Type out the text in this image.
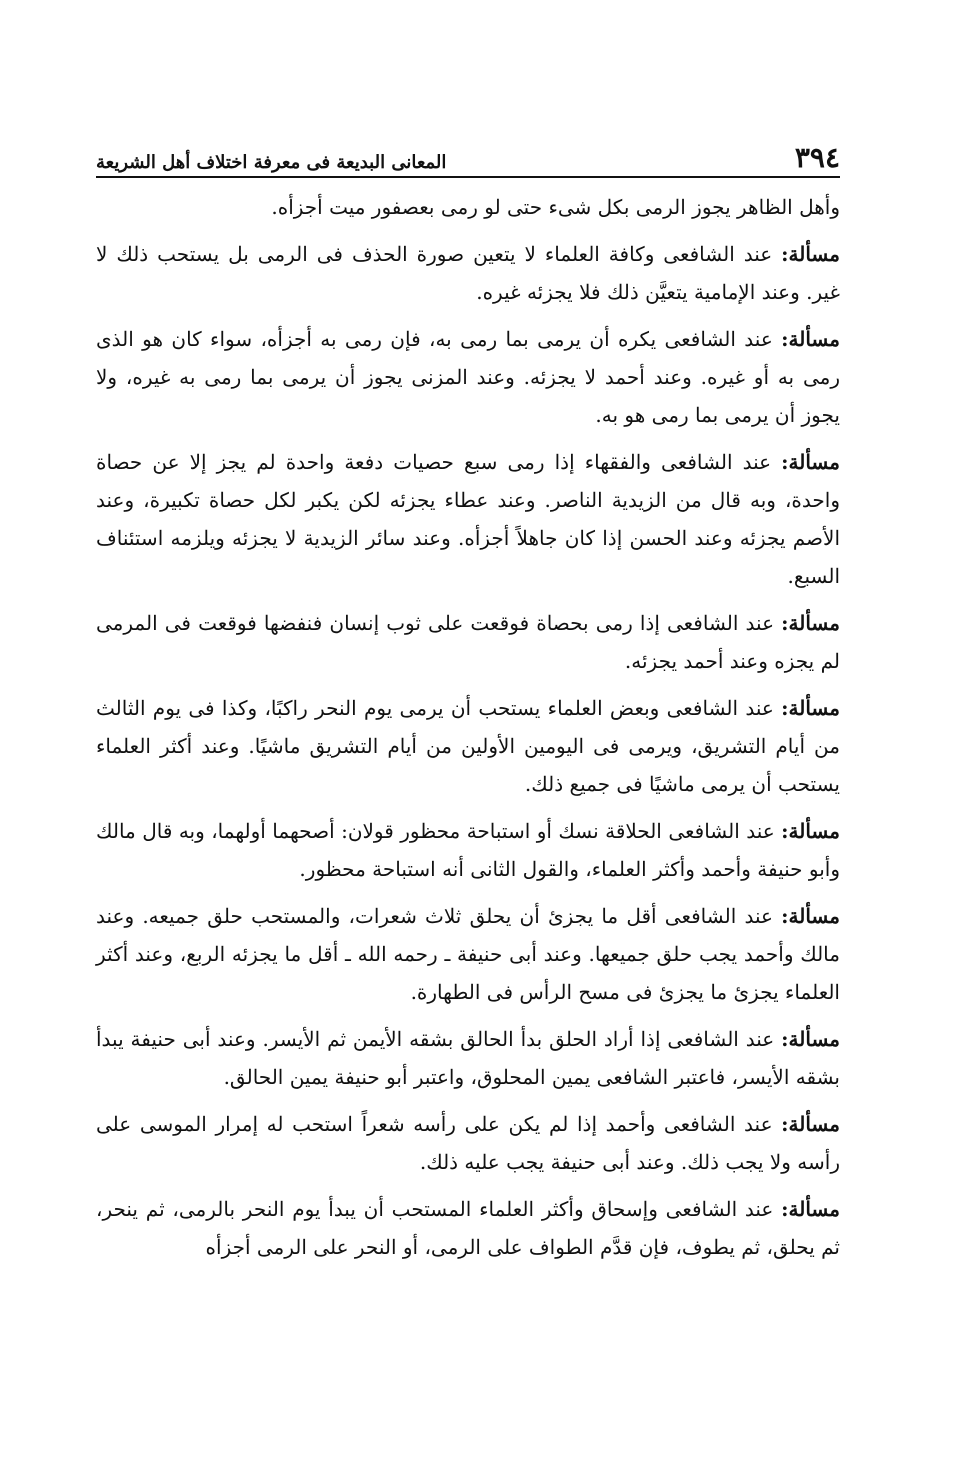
٣٩٤
المعانى البديعة فى معرفة اختلاف أهل الشريعة

وأهل الظاهر يجوز الرمى بكل شىء حتى لو رمى بعصفور ميت أجزأه.

مسألة: عند الشافعى وكافة العلماء لا يتعين صورة الحذف فى الرمى بل يستحب ذلك لا غير. وعند الإمامية يتعيَّن ذلك فلا يجزئه غيره.

مسألة: عند الشافعى يكره أن يرمى بما رمى به، فإن رمى به أجزأه، سواء كان هو الذى رمى به أو غيره. وعند أحمد لا يجزئه. وعند المزنى يجوز أن يرمى بما رمى به غيره، ولا يجوز أن يرمى بما رمى هو به.

مسألة: عند الشافعى والفقهاء إذا رمى سبع حصيات دفعة واحدة لم يجز إلا عن حصاة واحدة، وبه قال من الزيدية الناصر. وعند عطاء يجزئه لكن يكبر لكل حصاة تكبيرة، وعند الأصم يجزئه وعند الحسن إذا كان جاهلاً أجزأه. وعند سائر الزيدية لا يجزئه ويلزمه استئناف السبع.

مسألة: عند الشافعى إذا رمى بحصاة فوقعت على ثوب إنسان فنفضها فوقعت فى المرمى لم يجزه وعند أحمد يجزئه.

مسألة: عند الشافعى وبعض العلماء يستحب أن يرمى يوم النحر راكبًا، وكذا فى يوم الثالث من أيام التشريق، ويرمى فى اليومين الأولين من أيام التشريق ماشيًا. وعند أكثر العلماء يستحب أن يرمى ماشيًا فى جميع ذلك.

مسألة: عند الشافعى الحلاقة نسك أو استباحة محظور قولان: أصحهما أولهما، وبه قال مالك وأبو حنيفة وأحمد وأكثر العلماء، والقول الثانى أنه استباحة محظور.

مسألة: عند الشافعى أقل ما يجزئ أن يحلق ثلاث شعرات، والمستحب حلق جميعه. وعند مالك وأحمد يجب حلق جميعها. وعند أبى حنيفة ـ رحمه الله ـ أقل ما يجزئه الربع، وعند أكثر العلماء يجزئ ما يجزئ فى مسح الرأس فى الطهارة.

مسألة: عند الشافعى إذا أراد الحلق بدأ الحالق بشقه الأيمن ثم الأيسر. وعند أبى حنيفة يبدأ بشقه الأيسر، فاعتبر الشافعى يمين المحلوق، واعتبر أبو حنيفة يمين الحالق.

مسألة: عند الشافعى وأحمد إذا لم يكن على رأسه شعراً استحب له إمرار الموسى على رأسه ولا يجب ذلك. وعند أبى حنيفة يجب عليه ذلك.

مسألة: عند الشافعى وإسحاق وأكثر العلماء المستحب أن يبدأ يوم النحر بالرمى، ثم ينحر، ثم يحلق، ثم يطوف، فإن قدَّم الطواف على الرمى، أو النحر على الرمى أجزأه
